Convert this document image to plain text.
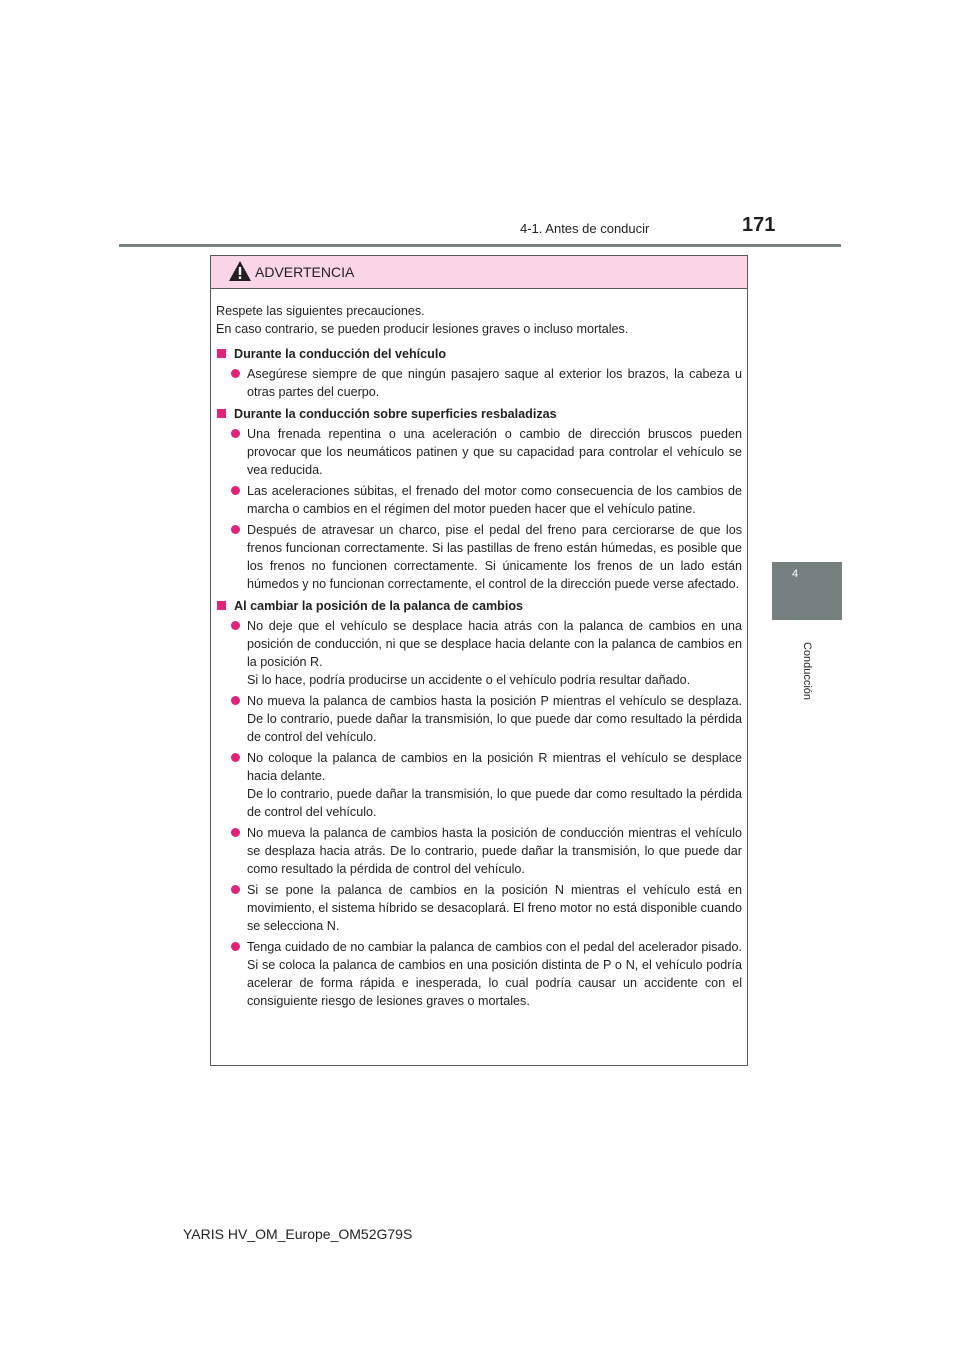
4-1. Antes de conducir	171
4
Conducción
ADVERTENCIA

Respete las siguientes precauciones.
En caso contrario, se pueden producir lesiones graves o incluso mortales.

Durante la conducción del vehículo
Asegúrese siempre de que ningún pasajero saque al exterior los brazos, la cabeza u otras partes del cuerpo.
Durante la conducción sobre superficies resbaladizas
Una frenada repentina o una aceleración o cambio de dirección bruscos pueden provocar que los neumáticos patinen y que su capacidad para controlar el vehículo se vea reducida.
Las aceleraciones súbitas, el frenado del motor como consecuencia de los cambios de marcha o cambios en el régimen del motor pueden hacer que el vehículo patine.
Después de atravesar un charco, pise el pedal del freno para cerciorarse de que los frenos funcionan correctamente. Si las pastillas de freno están húmedas, es posible que los frenos no funcionen correctamente. Si únicamente los frenos de un lado están húmedos y no funcionan correctamente, el control de la dirección puede verse afectado.
Al cambiar la posición de la palanca de cambios
No deje que el vehículo se desplace hacia atrás con la palanca de cambios en una posición de conducción, ni que se desplace hacia delante con la palanca de cambios en la posición R.
Si lo hace, podría producirse un accidente o el vehículo podría resultar dañado.
No mueva la palanca de cambios hasta la posición P mientras el vehículo se desplaza. De lo contrario, puede dañar la transmisión, lo que puede dar como resultado la pérdida de control del vehículo.
No coloque la palanca de cambios en la posición R mientras el vehículo se desplace hacia delante.
De lo contrario, puede dañar la transmisión, lo que puede dar como resultado la pérdida de control del vehículo.
No mueva la palanca de cambios hasta la posición de conducción mientras el vehículo se desplaza hacia atrás. De lo contrario, puede dañar la transmisión, lo que puede dar como resultado la pérdida de control del vehículo.
Si se pone la palanca de cambios en la posición N mientras el vehículo está en movimiento, el sistema híbrido se desacoplará. El freno motor no está disponible cuando se selecciona N.
Tenga cuidado de no cambiar la palanca de cambios con el pedal del acelerador pisado. Si se coloca la palanca de cambios en una posición distinta de P o N, el vehículo podría acelerar de forma rápida e inesperada, lo cual podría causar un accidente con el consiguiente riesgo de lesiones graves o mortales.
YARIS HV_OM_Europe_OM52G79S
